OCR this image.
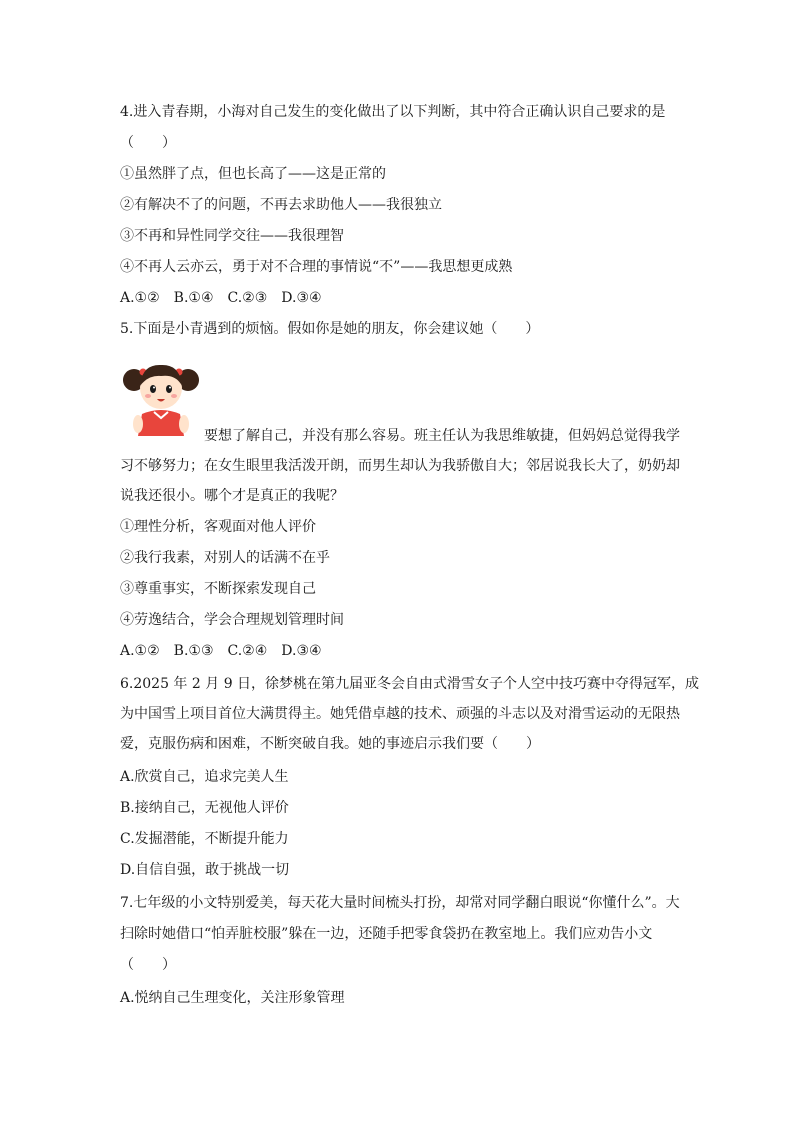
4.进入青春期，小海对自己发生的变化做出了以下判断，其中符合正确认识自己要求的是
（　　）
①虽然胖了点，但也长高了——这是正常的
②有解决不了的问题，不再去求助他人——我很独立
③不再和异性同学交往——我很理智
④不再人云亦云，勇于对不合理的事情说“不”——我思想更成熟
A.①②　B.①④　C.②③　D.③④
5.下面是小青遇到的烦恼。假如你是她的朋友，你会建议她（　　）
要想了解自己，并没有那么容易。班主任认为我思维敏捷，但妈妈总觉得我学
习不够努力；在女生眼里我活泼开朗，而男生却认为我骄傲自大；邻居说我长大了，奶奶却
说我还很小。哪个才是真正的我呢？
①理性分析，客观面对他人评价
②我行我素，对别人的话满不在乎
③尊重事实，不断探索发现自己
④劳逸结合，学会合理规划管理时间
A.①②　B.①③　C.②④　D.③④
6.2025 年 2 月 9 日，徐梦桃在第九届亚冬会自由式滑雪女子个人空中技巧赛中夺得冠军，成
为中国雪上项目首位大满贯得主。她凭借卓越的技术、顽强的斗志以及对滑雪运动的无限热
爱，克服伤病和困难，不断突破自我。她的事迹启示我们要（　　）
A.欣赏自己，追求完美人生
B.接纳自己，无视他人评价
C.发掘潜能，不断提升能力
D.自信自强，敢于挑战一切
7.七年级的小文特别爱美，每天花大量时间梳头打扮，却常对同学翻白眼说“你懂什么”。大
扫除时她借口“怕弄脏校服”躲在一边，还随手把零食袋扔在教室地上。我们应劝告小文
（　　）
A.悦纳自己生理变化，关注形象管理
